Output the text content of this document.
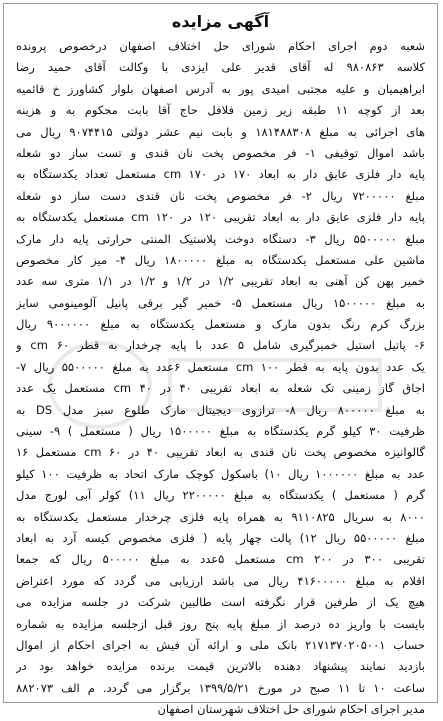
آگهی مزایده
شعبه دوم اجرای احکام شورای حل اختلاف اصفهان درخصوص پرونده
کلاسه ۹۸۰۸۶۳ له آقای قدیر علی ایزدی با وکالت آقای حمید رضا
ابراهیمیان و علیه مجتبی امیدی پور به آدرس اصفهان بلوار کشاورز خ قائمیه
بعد از کوچه ۱۱ طبقه زیر زمین فلافل حاج آقا بابت محکوم به و هزینه
های اجرائی به مبلغ ۱۸۱۴۸۸۳۰۸ و بابت نیم عشر دولتی ۹۰۷۴۴۱۵ ریال می
باشد اموال توقیفی ۱- فر مخصوص پخت نان قندی و تست ساز دو شعله
پایه دار فلزی عایق دار به ابعاد ۱۷۰ در ۱۷۰ cm مستعمل تعداد یکدستگاه به
مبلغ ۷۲۰۰۰۰۰ ریال ۲- فر مخصوص پخت نان قندی دست ساز دو شعله
پایه دار فلزی عایق دار به ابعاد تقریبی ۱۲۰ در ۱۲۰ cm مستعمل یکدستگاه به
مبلغ ۵۵۰۰۰۰۰ ریال ۳- دستگاه دوخت پلاستیک المنتی حرارتی پایه دار مارک
ماشین علی مستعمل یکدستگاه به مبلغ ۱۸۰۰۰۰۰ ریال ۴- میز کار مخصوص
خمیر پهن کن آهنی به ابعاد تقریبی ۱/۲ در ۱/۲ و ۱/۲ در ۱/۱ متری سه عدد
به مبلغ ۱۵۰۰۰۰۰ ریال مستعمل ۵- خمیر گیر برقی پانیل آلومینومی سایز
بزرگ کرم رنگ بدون مارک و مستعمل یکدستگاه به مبلغ ۹۰۰۰۰۰۰ ریال
۶- پاتیل استیل خمیرگیری شامل ۵ عدد با پایه چرخدار به قطر ۶۰ cm و
یک عدد بدون پایه به قطر ۱۰۰ cm مستعمل ۶عدد به مبلغ ۵۵۰۰۰۰۰ ریال ۷-
اجاق گاز زمینی تک شعله به ابعاد تقریبی ۴۰ در ۴۰ cm مستعمل یک عدد
به مبلغ ۸۰۰۰۰۰ ریال ۸- ترازوی دیجیتال مارک طلوع سبز مدل DS به
ظرفیت ۳۰ کیلو گرم یکدستگاه به مبلغ ۱۵۰۰۰۰۰ ریال ( مستعمل ) ۹- سینی
گالوانیزه مخصوص پخت نان قندی به ابعاد تقریبی ۴۰ در ۶۰ cm مستعمل ۱۶
عدد به مبلغ ۱۰۰۰۰۰۰ ریال ۱۰) باسکول کوچک مارک اتحاد به ظرفیت ۱۰۰ کیلو
گرم ( مستعمل ) یکدستگاه به مبلغ ۲۲۰۰۰۰۰ ریال ۱۱) کولر آبی لورج مدل
۸۰۰۰ به سریال ۹۱۱۰۸۲۵ به همراه پایه فلزی چرخدار مستعمل یکدستگاه به
مبلغ ۵۵۰۰۰۰۰ ریال ۱۲) پالت چهار پایه ( فلزی مخصوص کیسه آرد به ابعاد
تقریبی ۳۰۰ در ۲۰۰ cm مستعمل ۵عدد به مبلغ ۵۰۰۰۰۰ ریال که جمعا
اقلام به مبلغ ۴۱۶۰۰۰۰۰ ریال می باشد ارزیابی می گردد که مورد اعتراض
هیچ یک از طرفین قرار نگرفته است طالبین شرکت در جلسه مزایده می
بایست با واریز ده درصد از مبلغ پایه پنج روز قبل ازجلسه مزایده به شماره
حساب ۲۱۷۱۳۷۰۲۰۵۰۰۱ بانک ملی و ارائه آن فیش به اجرای احکام از اموال
بازدید نمایند پیشنهاد دهنده بالاترین قیمت برنده مزایده خواهد بود در
ساعت ۱۰ تا ۱۱ صبح در مورخ ۱۳۹۹/۵/۲۱ برگزار می گردد. م الف ۸۸۲۰۷۳
مدیر اجرای احکام شورای حل اختلاف شهرستان اصفهان
